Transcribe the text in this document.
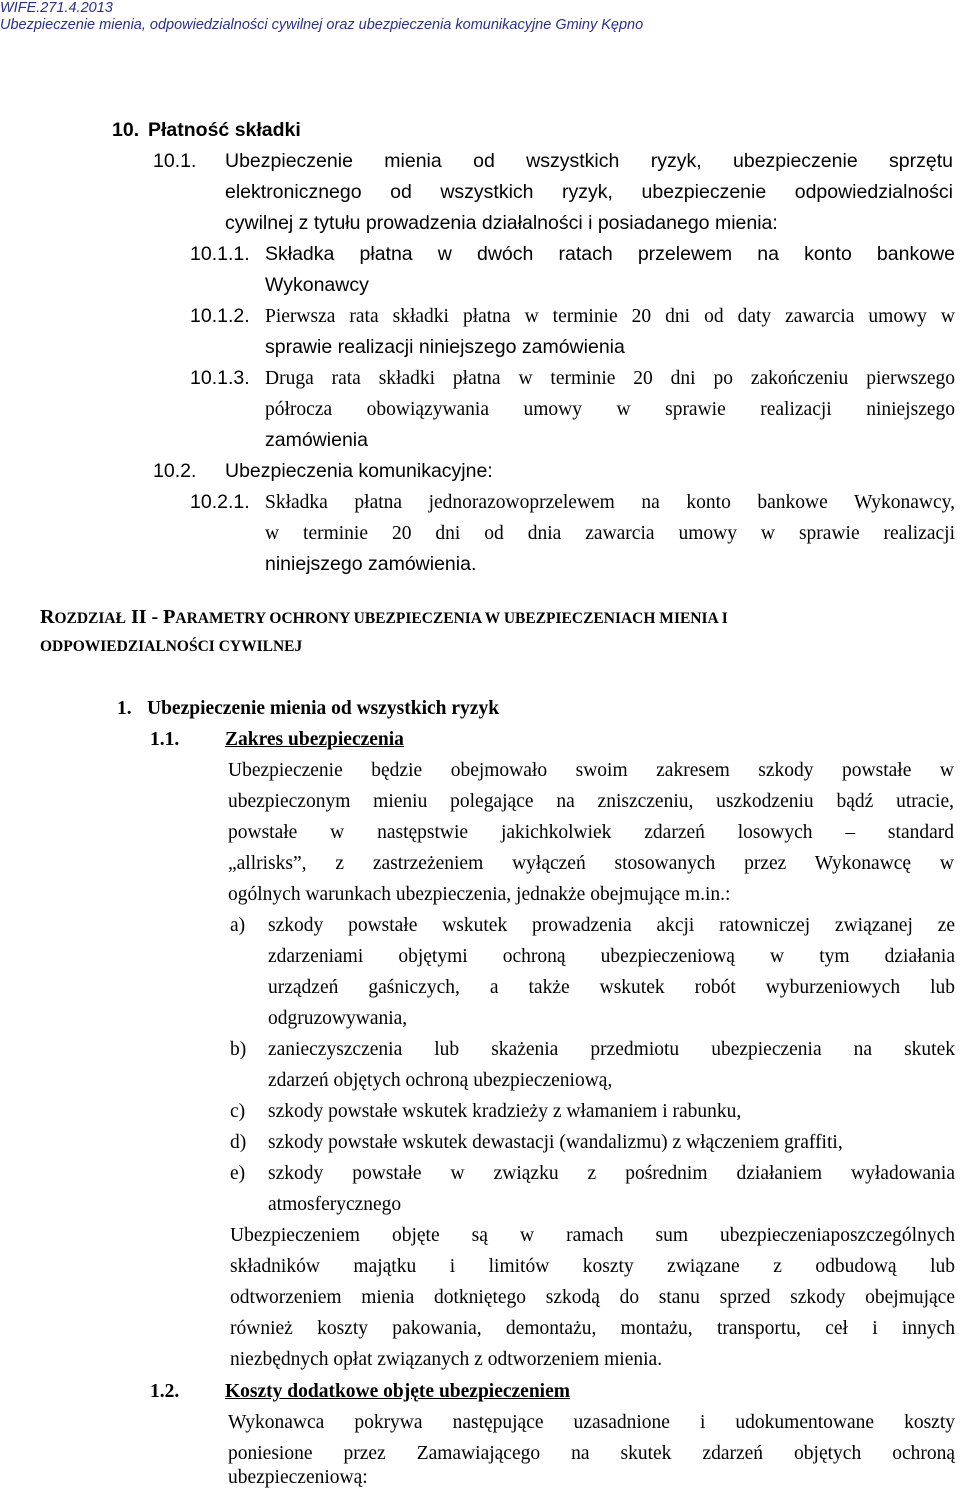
WIFE.271.4.2013
Ubezpieczenie mienia, odpowiedzialności cywilnej oraz ubezpieczenia komunikacyjne Gminy Kępno
10. Płatność składki
10.1. Ubezpieczenie mienia od wszystkich ryzyk, ubezpieczenie sprzętu
elektronicznego od wszystkich ryzyk, ubezpieczenie odpowiedzialności
cywilnej z tytułu prowadzenia działalności i posiadanego mienia:
10.1.1. Składka płatna w dwóch ratach przelewem na konto bankowe
Wykonawcy
10.1.2. Pierwsza rata składki płatna w terminie 20 dni od daty zawarcia umowy w
sprawie realizacji niniejszego zamówienia
10.1.3. Druga rata składki płatna w terminie 20 dni po zakończeniu pierwszego
półrocza obowiązywania umowy w sprawie realizacji niniejszego
zamówienia
10.2. Ubezpieczenia komunikacyjne:
10.2.1. Składka płatna jednorazowoprzelewem na konto bankowe Wykonawcy,
w terminie 20 dni od dnia zawarcia umowy w sprawie realizacji
niniejszego zamówienia.
ROZDZIAŁ II - PARAMETRY OCHRONY UBEZPIECZENIA W UBEZPIECZENIACH MIENIA I
ODPOWIEDZIALNOŚCI CYWILNEJ
1. Ubezpieczenie mienia od wszystkich ryzyk
1.1. Zakres ubezpieczenia
Ubezpieczenie będzie obejmowało swoim zakresem szkody powstałe w
ubezpieczonym mieniu polegające na zniszczeniu, uszkodzeniu bądź utracie,
powstałe w następstwie jakichkolwiek zdarzeń losowych – standard
„allrisks”, z zastrzeżeniem wyłączeń stosowanych przez Wykonawcę w
ogólnych warunkach ubezpieczenia, jednakże obejmujące m.in.:
a) szkody powstałe wskutek prowadzenia akcji ratowniczej związanej ze
zdarzeniami objętymi ochroną ubezpieczeniową w tym działania
urządzeń gaśniczych, a także wskutek robót wyburzeniowych lub
odgruzowywania,
b) zanieczyszczenia lub skażenia przedmiotu ubezpieczenia na skutek
zdarzeń objętych ochroną ubezpieczeniową,
c) szkody powstałe wskutek kradzieży z włamaniem i rabunku,
d) szkody powstałe wskutek dewastacji (wandalizmu) z włączeniem graffiti,
e) szkody powstałe w związku z pośrednim działaniem wyładowania
atmosferycznego
Ubezpieczeniem objęte są w ramach sum ubezpieczeniaposzczególnych
składników majątku i limitów koszty związane z odbudową lub
odtworzeniem mienia dotkniętego szkodą do stanu sprzed szkody obejmujące
również koszty pakowania, demontażu, montażu, transportu, ceł i innych
niezbędnych opłat związanych z odtworzeniem mienia.
1.2. Koszty dodatkowe objęte ubezpieczeniem
Wykonawca pokrywa następujące uzasadnione i udokumentowane koszty
poniesione przez Zamawiającego na skutek zdarzeń objętych ochroną
ubezpieczeniową:
